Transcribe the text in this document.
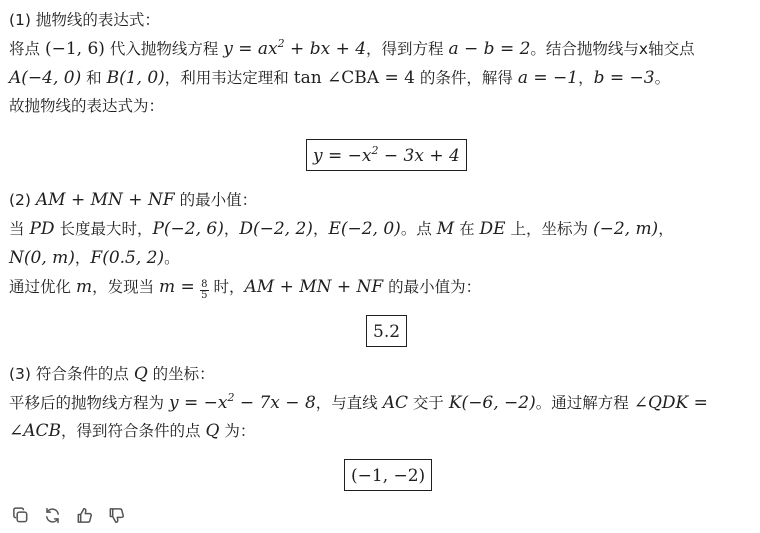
(1) 抛物线的表达式：
将点 (−1, 6) 代入抛物线方程 $y = ax^2$ + bx + 4，得到方程 a − b = 2。结合抛物线与x轴交点
A(−4, 0) 和 B(1, 0)，利用韦达定理和 tan ∠CBA = 4 的条件，解得 a = −1，b = −3。
故抛物线的表达式为：
$y = -x^2 - 3x + 4$
(2) AM + MN + NF 的最小值：
当 PD 长度最大时，P(−2, 6)，D(−2, 2)，E(−2, 0)。点 M 在 DE 上，坐标为 (−2, m)，
N(0, m)，F(0.5, 2)。
通过优化 m，发现当 $m = \frac{8}{5}$ 时，AM + MN + NF 的最小值为：
5.2
(3) 符合条件的点 Q 的坐标：
平移后的抛物线方程为 $y = -x^2 - 7x - 8$，与直线 AC 交于 K(−6, −2)。通过解方程 ∠QDK =
∠ACB，得到符合条件的点 Q 为：
(−1, −2)
